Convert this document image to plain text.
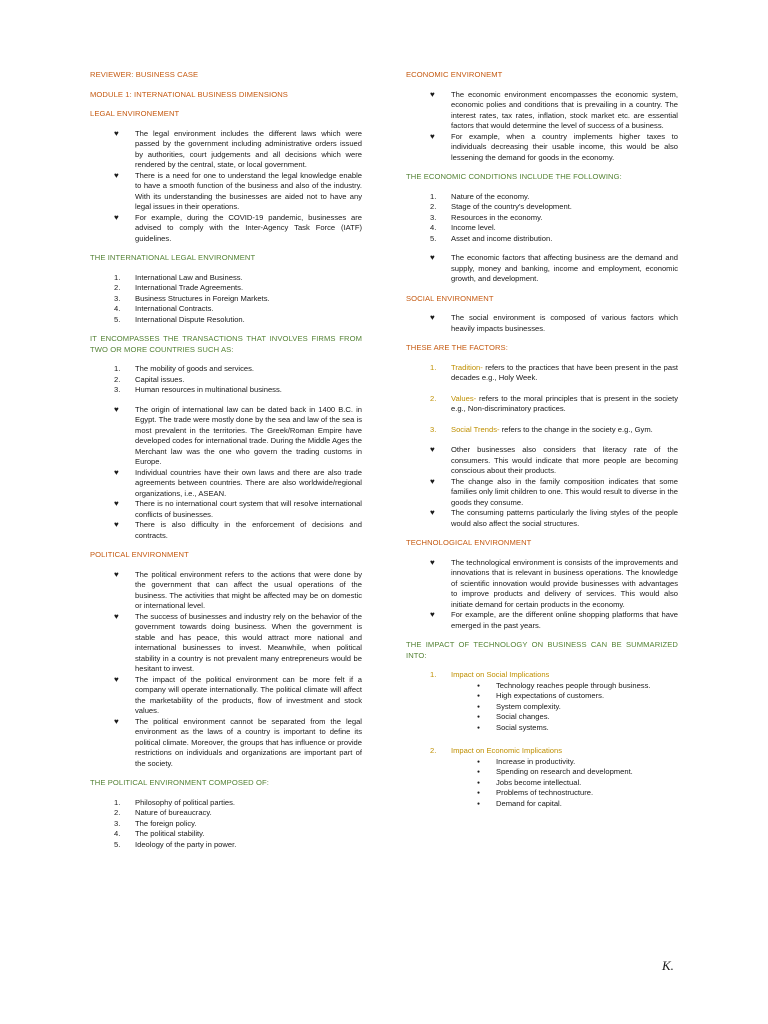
REVIEWER: BUSINESS CASE
MODULE 1: INTERNATIONAL BUSINESS DIMENSIONS
LEGAL ENVIRONEMENT
♥ The legal environment includes the different laws which were passed by the government including administrative orders issued by authorities, court judgements and all decisions which were rendered by the central, state, or local government.
♥ There is a need for one to understand the legal knowledge enable to have a smooth function of the business and also of the industry. With its understanding the businesses are aided not to have any legal issues in their operations.
♥ For example, during the COVID-19 pandemic, businesses are advised to comply with the Inter-Agency Task Force (IATF) guidelines.
THE INTERNATIONAL LEGAL ENVIRONMENT
1. International Law and Business.
2. International Trade Agreements.
3. Business Structures in Foreign Markets.
4. International Contracts.
5. International Dispute Resolution.
IT ENCOMPASSES THE TRANSACTIONS THAT INVOLVES FIRMS FROM TWO OR MORE COUNTRIES SUCH AS:
1. The mobility of goods and services.
2. Capital issues.
3. Human resources in multinational business.
♥ The origin of international law can be dated back in 1400 B.C. in Egypt. The trade were mostly done by the sea and law of the sea is most prevalent in the territories. The Greek/Roman Empire have developed codes for international trade. During the Middle Ages the Merchant law was the one who govern the trading customs in Europe.
♥ Individual countries have their own laws and there are also trade agreements between countries. There are also worldwide/regional organizations, i.e., ASEAN.
♥ There is no international court system that will resolve international conflicts of businesses.
♥ There is also difficulty in the enforcement of decisions and contracts.
POLITICAL ENVIRONMENT
♥ The political environment refers to the actions that were done by the government that can affect the usual operations of the business. The activities that might be affected may be on domestic or international level.
♥ The success of businesses and industry rely on the behavior of the government towards doing business. When the government is stable and has peace, this would attract more national and international businesses to invest. Meanwhile, when political stability in a country is not prevalent many entrepreneurs would be hesitant to invest.
♥ The impact of the political environment can be more felt if a company will operate internationally. The political climate will affect the marketability of the products, flow of investment and stock values.
♥ The political environment cannot be separated from the legal environment as the laws of a country is important to define its political climate. Moreover, the groups that has influence or provide restrictions on individuals and organizations are important part of the society.
THE POLITICAL ENVIRONMENT COMPOSED OF:
1. Philosophy of political parties.
2. Nature of bureaucracy.
3. The foreign policy.
4. The political stability.
5. Ideology of the party in power.
ECONOMIC ENVIRONEMT
♥ The economic environment encompasses the economic system, economic polies and conditions that is prevailing in a country. The interest rates, tax rates, inflation, stock market etc. are essential factors that would determine the level of success of a business.
♥ For example, when a country implements higher taxes to individuals decreasing their usable income, this would be also lessening the demand for goods in the economy.
THE ECONOMIC CONDITIONS INCLUDE THE FOLLOWING:
1. Nature of the economy.
2. Stage of the country's development.
3. Resources in the economy.
4. Income level.
5. Asset and income distribution.
♥ The economic factors that affecting business are the demand and supply, money and banking, income and employment, economic growth, and development.
SOCIAL ENVIRONMENT
♥ The social environment is composed of various factors which heavily impacts businesses.
THESE ARE THE FACTORS:
1. Tradition- refers to the practices that have been present in the past decades e.g., Holy Week.
2. Values- refers to the moral principles that is present in the society e.g., Non-discriminatory practices.
3. Social Trends- refers to the change in the society e.g., Gym.
♥ Other businesses also considers that literacy rate of the consumers. This would indicate that more people are becoming conscious about their products.
♥ The change also in the family composition indicates that some families only limit children to one. This would result to diverse in the goods they consume.
♥ The consuming patterns particularly the living styles of the people would also affect the social structures.
TECHNOLOGICAL ENVIRONMENT
♥ The technological environment is consists of the improvements and innovations that is relevant in business operations. The knowledge of scientific innovation would provide businesses with advantages to improve products and delivery of services. This would also initiate demand for certain products in the economy.
♥ For example, are the different online shopping platforms that have emerged in the past years.
THE IMPACT OF TECHNOLOGY ON BUSINESS CAN BE SUMMARIZED INTO:
1. Impact on Social Implications
● Technology reaches people through business.
● High expectations of customers.
● System complexity.
● Social changes.
● Social systems.
2. Impact on Economic Implications
● Increase in productivity.
● Spending on research and development.
● Jobs become intellectual.
● Problems of technostructure.
● Demand for capital.
K.
